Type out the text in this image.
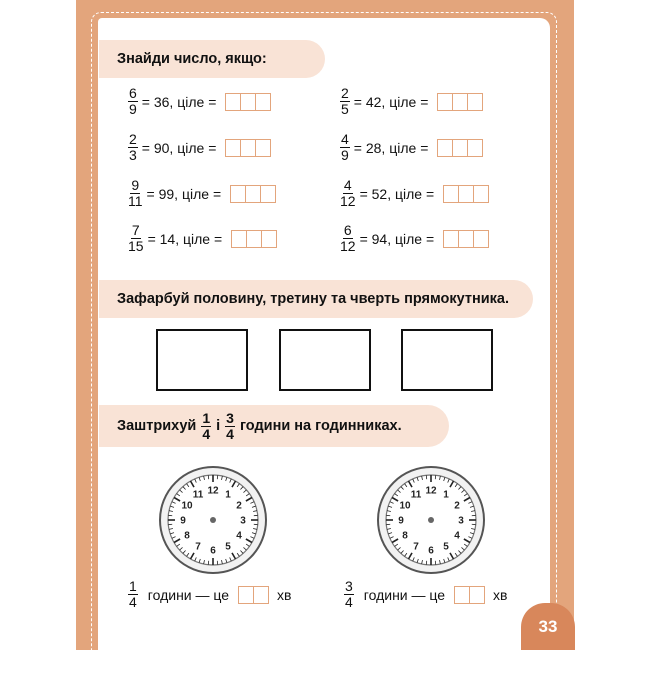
Знайди число, якщо:
$\frac{6}{9} = 36$, ціле =	$\frac{2}{5} = 42$, ціле =
$\frac{2}{3} = 90$, ціле =	$\frac{4}{9} = 28$, ціле =
$\frac{9}{11} = 99$, ціле =	$\frac{4}{12} = 52$, ціле =
$\frac{7}{15} = 14$, ціле =	$\frac{6}{12} = 94$, ціле =
Зафарбуй половину, третину та чверть прямокутника.
Заштрихуй $\frac{1}{4}$ і $\frac{3}{4}$ години на годинниках.
12 1
2
3
4
5
6
7
8
9
10
11	12 1
2
3
4
5
6
7
8
9
10
11
$\frac{1}{4}$ години — це	хв	$\frac{3}{4}$ години — це	хв
33
